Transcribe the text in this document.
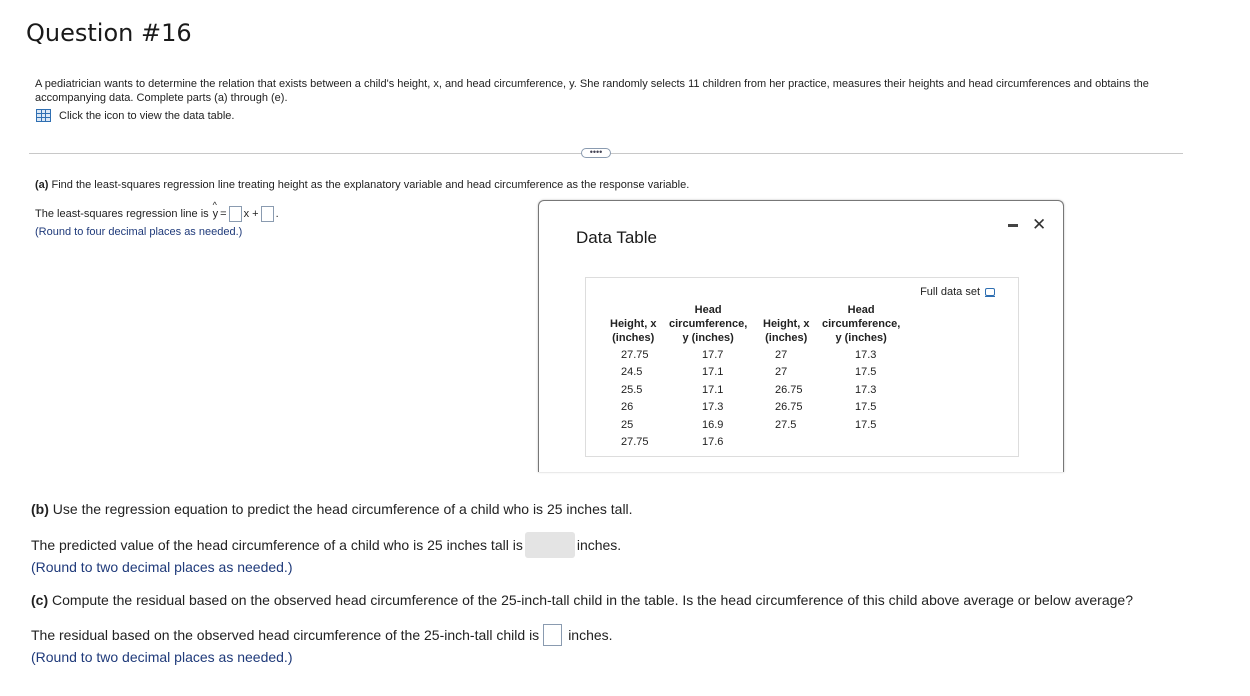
Question #16
A pediatrician wants to determine the relation that exists between a child's height, x, and head circumference, y. She randomly selects 11 children from her practice, measures their heights and head circumferences and obtains the accompanying data. Complete parts (a) through (e).
Click the icon to view the data table.
••••
(a) Find the least-squares regression line treating height as the explanatory variable and head circumference as the response variable.
The least-squares regression line is
^ y = x + .
(Round to four decimal places as needed.)	Data Table
✕
Full data set
Height, x
(inches)
Head
circumference,
y (inches)
Height, x
(inches)
Head
circumference,
y (inches)
27.75	17.7
24.5	17.1
25.5	17.1
26	17.3
25	16.9
27.75	17.6
27	17.3
27	17.5
26.75	17.3
26.75	17.5
27.5	17.5
(b) Use the regression equation to predict the head circumference of a child who is 25 inches tall.
The predicted value of the head circumference of a child who is 25 inches tall is	inches.
(Round to two decimal places as needed.)
(c) Compute the residual based on the observed head circumference of the 25-inch-tall child in the table. Is the head circumference of this child above average or below average?
The residual based on the observed head circumference of the 25-inch-tall child is inches.
(Round to two decimal places as needed.)
